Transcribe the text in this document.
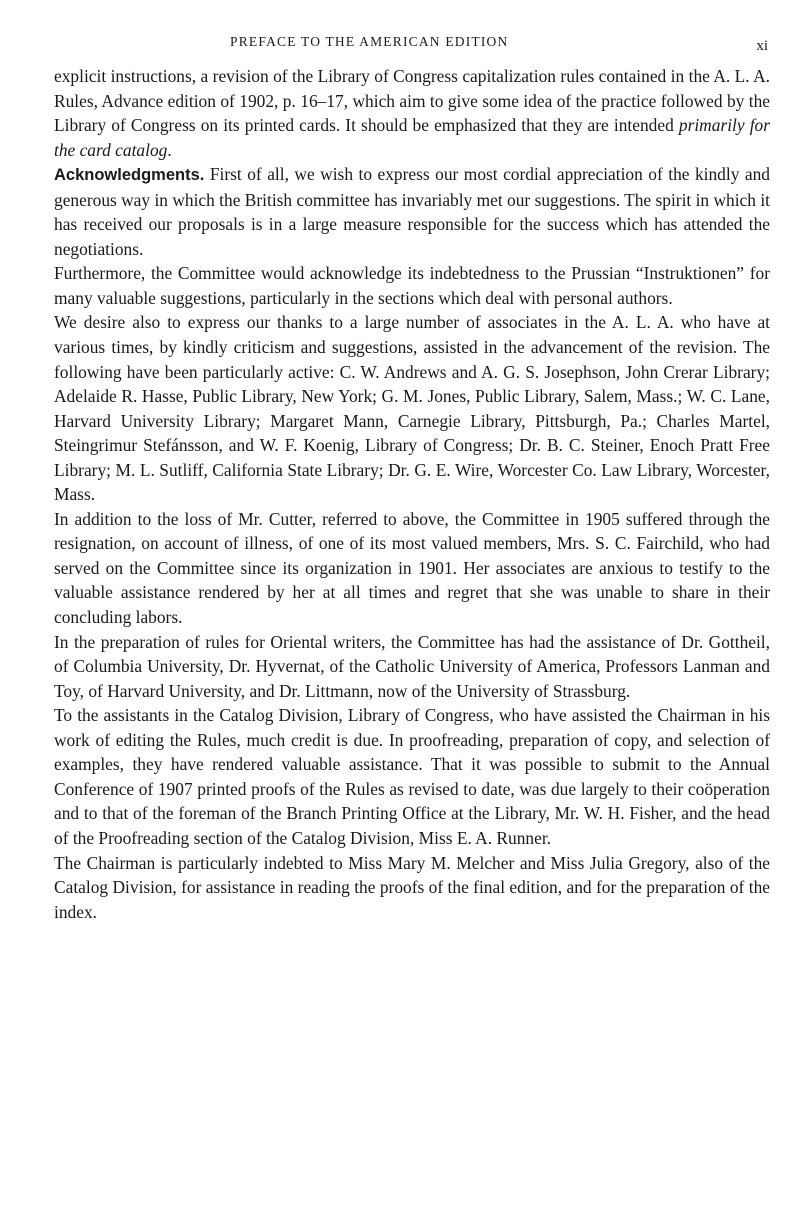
PREFACE TO THE AMERICAN EDITION	xi

explicit instructions, a revision of the Library of Congress capitalization rules contained in the A. L. A. Rules, Advance edition of 1902, p. 16–17, which aim to give some idea of the practice followed by the Library of Congress on its printed cards. It should be emphasized that they are intended primarily for the card catalog.

Acknowledgments. First of all, we wish to express our most cordial appreciation of the kindly and generous way in which the British committee has invariably met our suggestions. The spirit in which it has received our proposals is in a large measure responsible for the success which has attended the negotiations.

Furthermore, the Committee would acknowledge its indebtedness to the Prussian “Instruktionen” for many valuable suggestions, particularly in the sections which deal with personal authors.

We desire also to express our thanks to a large number of associates in the A. L. A. who have at various times, by kindly criticism and suggestions, assisted in the advancement of the revision. The following have been particularly active: C. W. Andrews and A. G. S. Josephson, John Crerar Library; Adelaide R. Hasse, Public Library, New York; G. M. Jones, Public Library, Salem, Mass.; W. C. Lane, Harvard University Library; Margaret Mann, Carnegie Library, Pittsburgh, Pa.; Charles Martel, Steingrimur Stefánsson, and W. F. Koenig, Library of Congress; Dr. B. C. Steiner, Enoch Pratt Free Library; M. L. Sutliff, California State Library; Dr. G. E. Wire, Worcester Co. Law Library, Worcester, Mass.

In addition to the loss of Mr. Cutter, referred to above, the Committee in 1905 suffered through the resignation, on account of illness, of one of its most valued members, Mrs. S. C. Fairchild, who had served on the Committee since its organization in 1901. Her associates are anxious to testify to the valuable assistance rendered by her at all times and regret that she was unable to share in their concluding labors.

In the preparation of rules for Oriental writers, the Committee has had the assistance of Dr. Gottheil, of Columbia University, Dr. Hyvernat, of the Catholic University of America, Professors Lanman and Toy, of Harvard University, and Dr. Littmann, now of the University of Strassburg.

To the assistants in the Catalog Division, Library of Congress, who have assisted the Chairman in his work of editing the Rules, much credit is due. In proofreading, preparation of copy, and selection of examples, they have rendered valuable assistance. That it was possible to submit to the Annual Conference of 1907 printed proofs of the Rules as revised to date, was due largely to their coöperation and to that of the foreman of the Branch Printing Office at the Library, Mr. W. H. Fisher, and the head of the Proofreading section of the Catalog Division, Miss E. A. Runner.

The Chairman is particularly indebted to Miss Mary M. Melcher and Miss Julia Gregory, also of the Catalog Division, for assistance in reading the proofs of the final edition, and for the preparation of the index.
